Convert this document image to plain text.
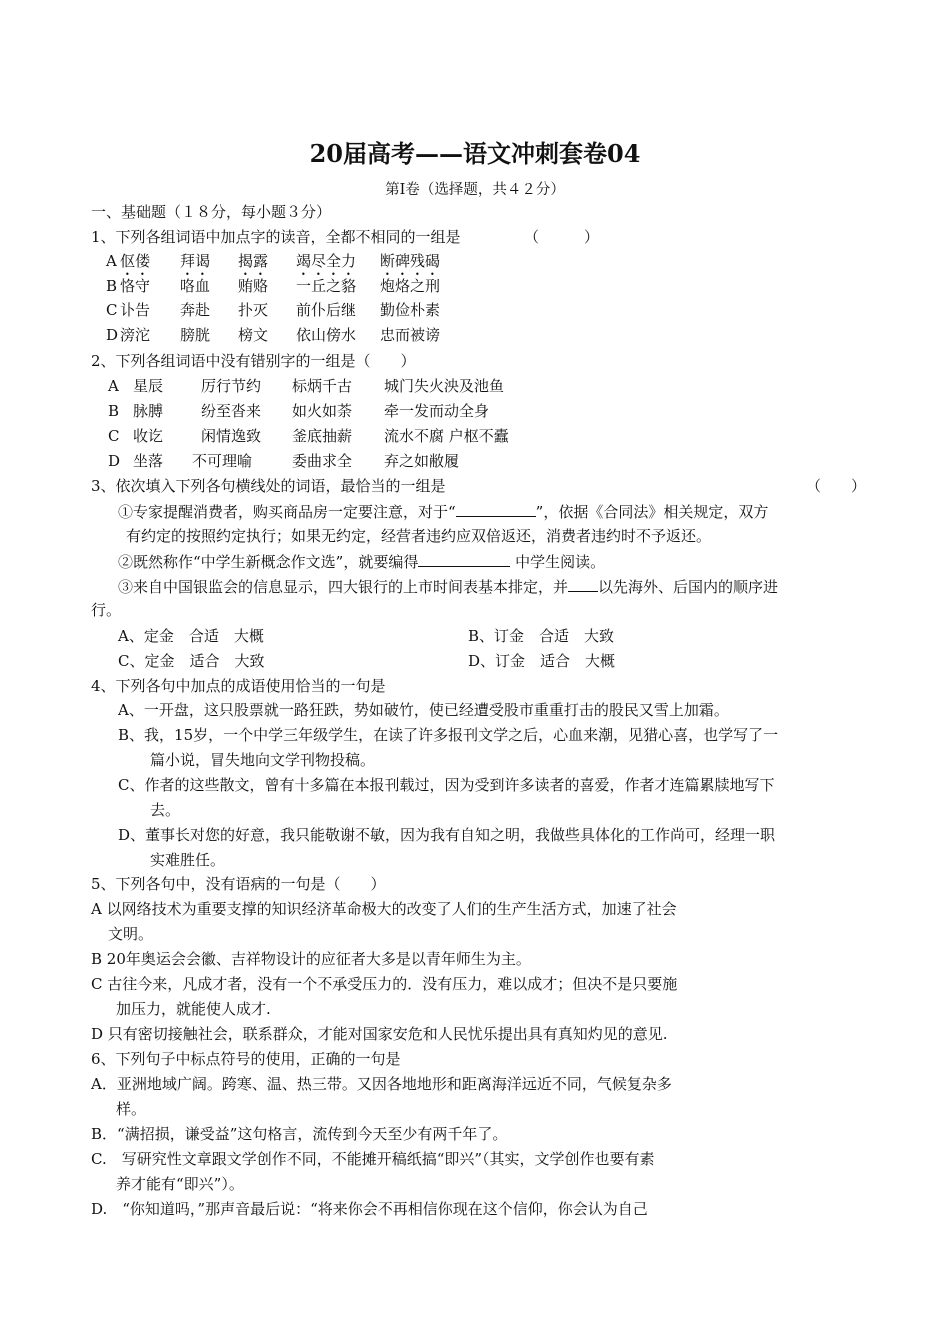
20届高考——语文冲刺套卷04
第Ⅰ卷（选择题，共４２分）
一、基础题（１８分，每小题３分）
1、下列各组词语中加点字的读音，全都不相同的一组是	（　　　）
A 伛偻 拜谒 揭露 竭尽全力 断碑残碣
B 恪守 咯血 贿赂 一丘之貉 炮烙之刑
C 讣告 奔赴 扑灭 前仆后继 勤俭朴素
D 滂沱 膀胱 榜文 依山傍水 忠而被谤
2、下列各组词语中没有错别字的一组是（　　）
A 星辰	厉行节约 标炳千古 城门失火泱及池鱼
B 脉膊	纷至沓来 如火如荼 牵一发而动全身
C 收讫	闲情逸致 釜底抽薪 流水不腐 户枢不蠹
D 坐落 不可理喻	委曲求全 弃之如敝履
3、依次填入下列各句横线处的词语，最恰当的一组是	（　　）
①专家提醒消费者，购买商品房一定要注意，对于“	”，依据《合同法》相关规定，双方
有约定的按照约定执行；如果无约定，经营者违约应双倍返还，消费者违约时不予返还。
②既然称作“中学生新概念作文选”，就要编得	中学生阅读。
③来自中国银监会的信息显示，四大银行的上市时间表基本排定，并 以先海外、后国内的顺序进
行。
A、定金　合适　大概	B、订金　合适　大致
C、定金　适合　大致	D、订金　适合　大概
4、下列各句中加点的成语使用恰当的一句是
A、一开盘，这只股票就一路狂跌，势如破竹，使已经遭受股市重重打击的股民又雪上加霜。
B、我，15岁，一个中学三年级学生，在读了许多报刊文学之后，心血来潮，见猎心喜，也学写了一
篇小说，冒失地向文学刊物投稿。
C、作者的这些散文，曾有十多篇在本报刊载过，因为受到许多读者的喜爱，作者才连篇累牍地写下
去。
D、董事长对您的好意，我只能敬谢不敏，因为我有自知之明，我做些具体化的工作尚可，经理一职
实难胜任。
5、下列各句中，没有语病的一句是（　　）
A 以网络技术为重要支撑的知识经济革命极大的改变了人们的生产生活方式，加速了社会
文明。
B 20年奥运会会徽、吉祥物设计的应征者大多是以青年师生为主。
C 古往今来，凡成才者，没有一个不承受压力的．没有压力，难以成才；但决不是只要施
加压力，就能使人成才.
D 只有密切接触社会，联系群众，才能对国家安危和人民忧乐提出具有真知灼见的意见.
6、下列句子中标点符号的使用，正确的一句是
A．亚洲地域广阔。跨寒、温、热三带。又因各地地形和距离海洋远近不同，气候复杂多
样。
B．“满招损，谦受益”这句格言，流传到今天至少有两千年了。
C.　写研究性文章跟文学创作不同，不能摊开稿纸搞“即兴”（其实，文学创作也要有素
养才能有“即兴”）。
D.　“你知道吗，”那声音最后说：“将来你会不再相信你现在这个信仰，你会认为自己
